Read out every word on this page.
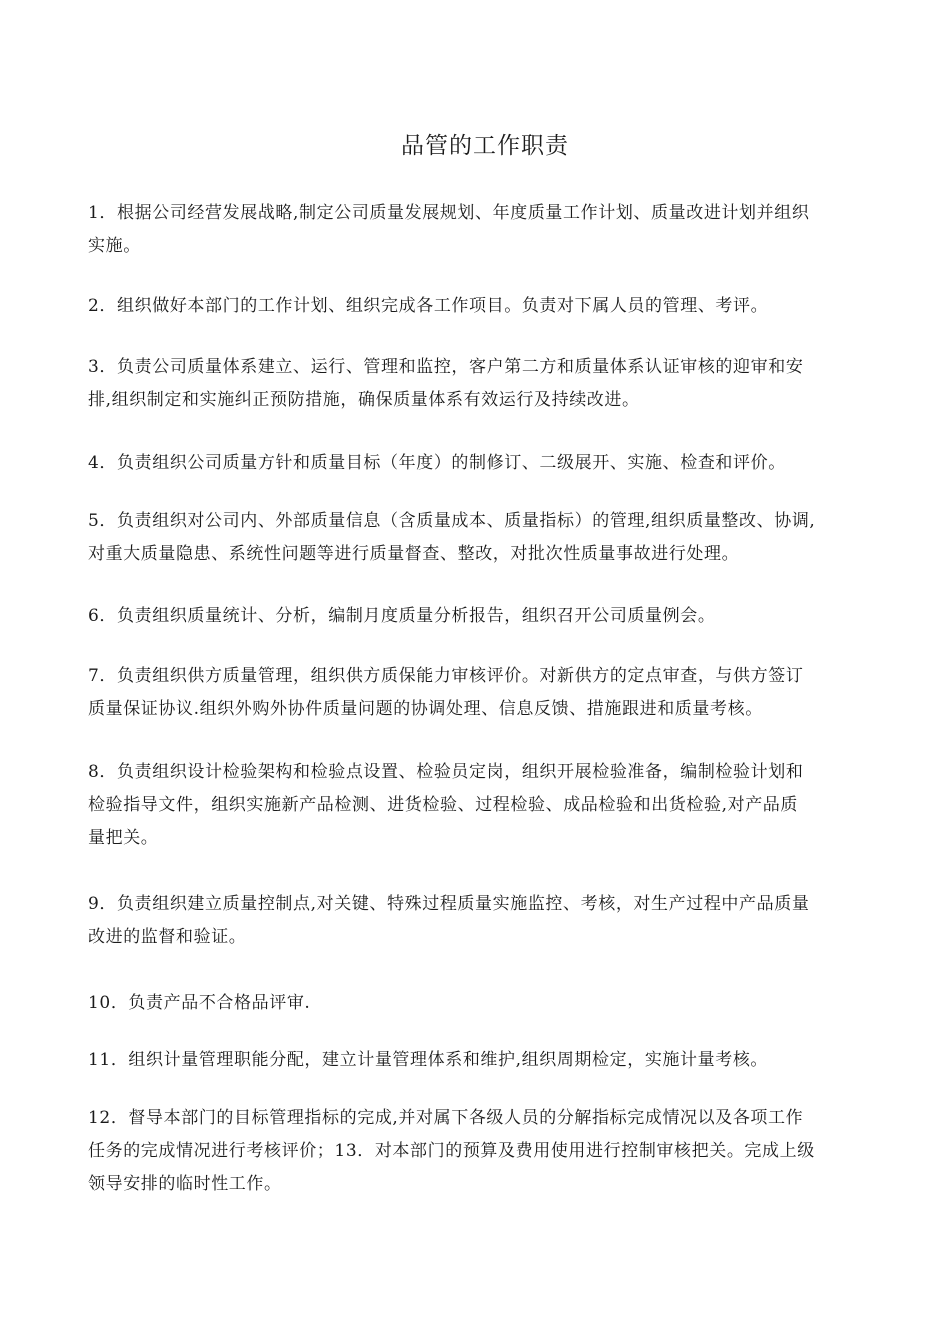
品管的工作职责
1．根据公司经营发展战略,制定公司质量发展规划、年度质量工作计划、质量改进计划并组织
实施。
2．组织做好本部门的工作计划、组织完成各工作项目。负责对下属人员的管理、考评。
3．负责公司质量体系建立、运行、管理和监控，客户第二方和质量体系认证审核的迎审和安
排,组织制定和实施纠正预防措施，确保质量体系有效运行及持续改进。
4．负责组织公司质量方针和质量目标（年度）的制修订、二级展开、实施、检查和评价。
5．负责组织对公司内、外部质量信息（含质量成本、质量指标）的管理,组织质量整改、协调,
对重大质量隐患、系统性问题等进行质量督查、整改，对批次性质量事故进行处理。
6．负责组织质量统计、分析，编制月度质量分析报告，组织召开公司质量例会。
7．负责组织供方质量管理，组织供方质保能力审核评价。对新供方的定点审查，与供方签订
质量保证协议.组织外购外协件质量问题的协调处理、信息反馈、措施跟进和质量考核。
8．负责组织设计检验架构和检验点设置、检验员定岗，组织开展检验准备，编制检验计划和
检验指导文件，组织实施新产品检测、进货检验、过程检验、成品检验和出货检验,对产品质
量把关。
9．负责组织建立质量控制点,对关键、特殊过程质量实施监控、考核，对生产过程中产品质量
改进的监督和验证。
10．负责产品不合格品评审.
11．组织计量管理职能分配，建立计量管理体系和维护,组织周期检定，实施计量考核。
12．督导本部门的目标管理指标的完成,并对属下各级人员的分解指标完成情况以及各项工作
任务的完成情况进行考核评价；13．对本部门的预算及费用使用进行控制审核把关。完成上级
领导安排的临时性工作。
